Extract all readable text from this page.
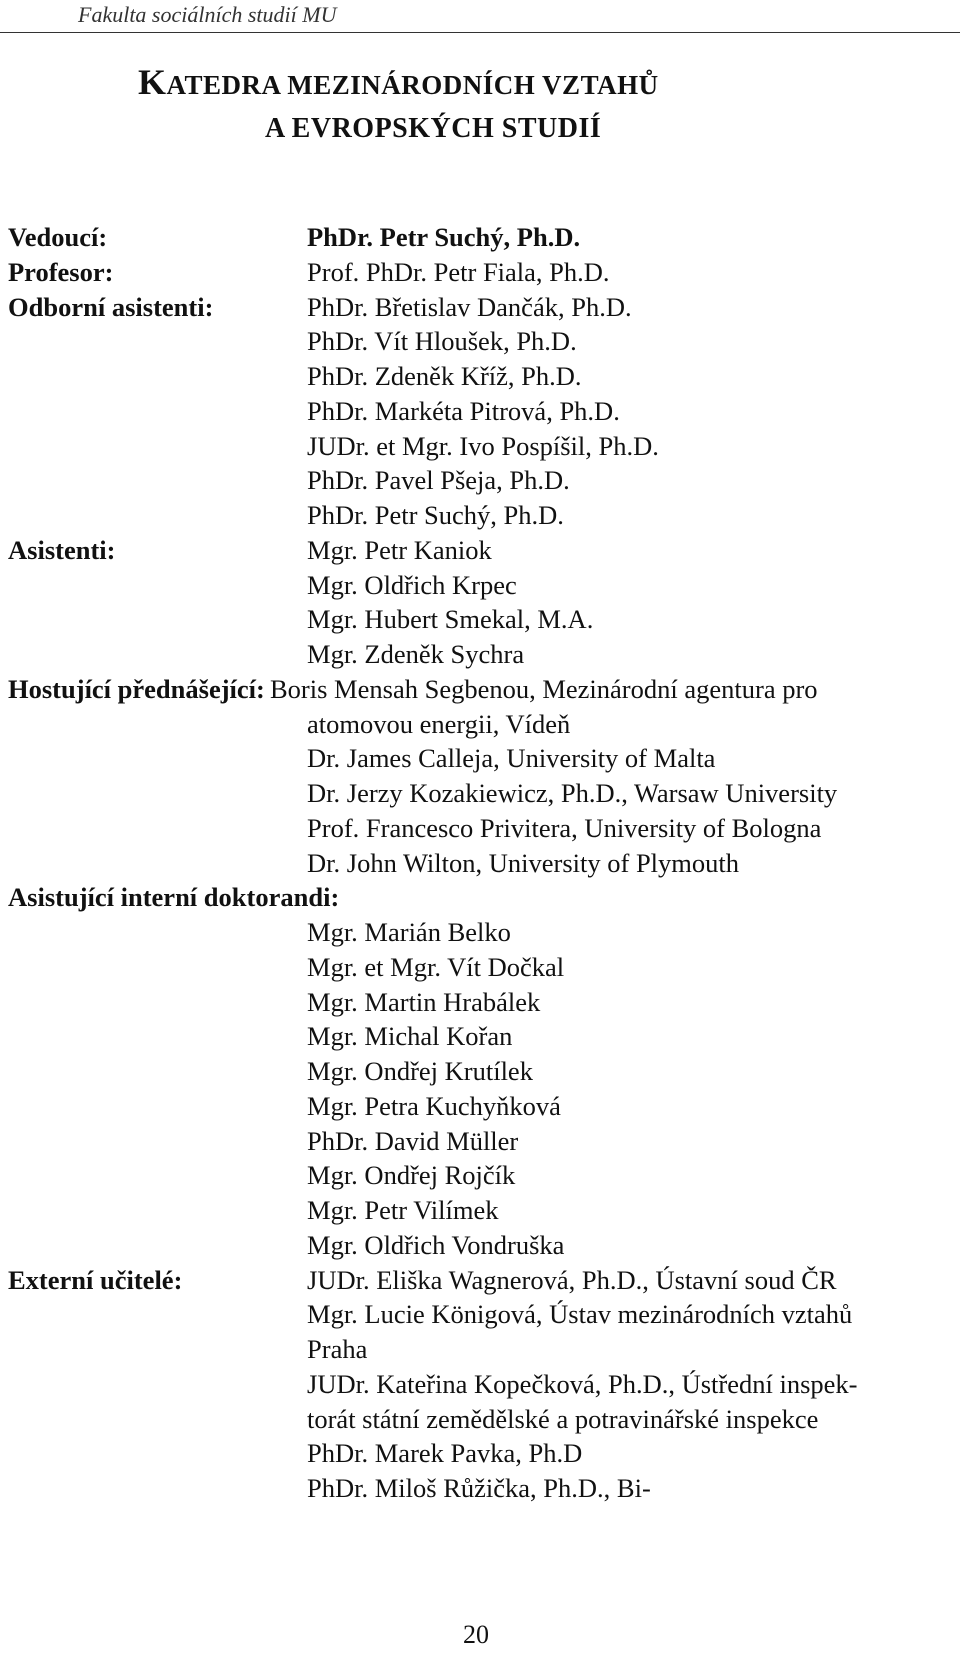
Fakulta sociálních studií MU
KATEDRA MEZINÁRODNÍCH VZTAHŮ
A EVROPSKÝCH STUDIÍ
Vedoucí:	PhDr. Petr Suchý, Ph.D.
Profesor:	Prof. PhDr. Petr Fiala, Ph.D.
Odborní asistenti:	PhDr. Břetislav Dančák, Ph.D.
PhDr. Vít Hloušek, Ph.D.
PhDr. Zdeněk Kříž, Ph.D.
PhDr. Markéta Pitrová, Ph.D.
JUDr. et Mgr. Ivo Pospíšil, Ph.D.
PhDr. Pavel Pšeja, Ph.D.
PhDr. Petr Suchý, Ph.D.
Asistenti:	Mgr. Petr Kaniok
Mgr. Oldřich Krpec
Mgr. Hubert Smekal, M.A.
Mgr. Zdeněk Sychra
Hostující přednášející: Boris Mensah Segbenou, Mezinárodní agentura pro
atomovou energii, Vídeň
Dr. James Calleja, University of Malta
Dr. Jerzy Kozakiewicz, Ph.D., Warsaw University
Prof. Francesco Privitera, University of Bologna
Dr. John Wilton, University of Plymouth
Asistující interní doktorandi:
Mgr. Marián Belko
Mgr. et Mgr. Vít Dočkal
Mgr. Martin Hrabálek
Mgr. Michal Kořan
Mgr. Ondřej Krutílek
Mgr. Petra Kuchyňková
PhDr. David Müller
Mgr. Ondřej Rojčík
Mgr. Petr Vilímek
Mgr. Oldřich Vondruška
Externí učitelé:	JUDr. Eliška Wagnerová, Ph.D., Ústavní soud ČR
Mgr. Lucie Königová, Ústav mezinárodních vztahů
Praha
JUDr. Kateřina Kopečková, Ph.D., Ústřední inspek-
torát státní zemědělské a potravinářské inspekce
PhDr. Marek Pavka, Ph.D
PhDr. Miloš Růžička, Ph.D., Bi-
20
